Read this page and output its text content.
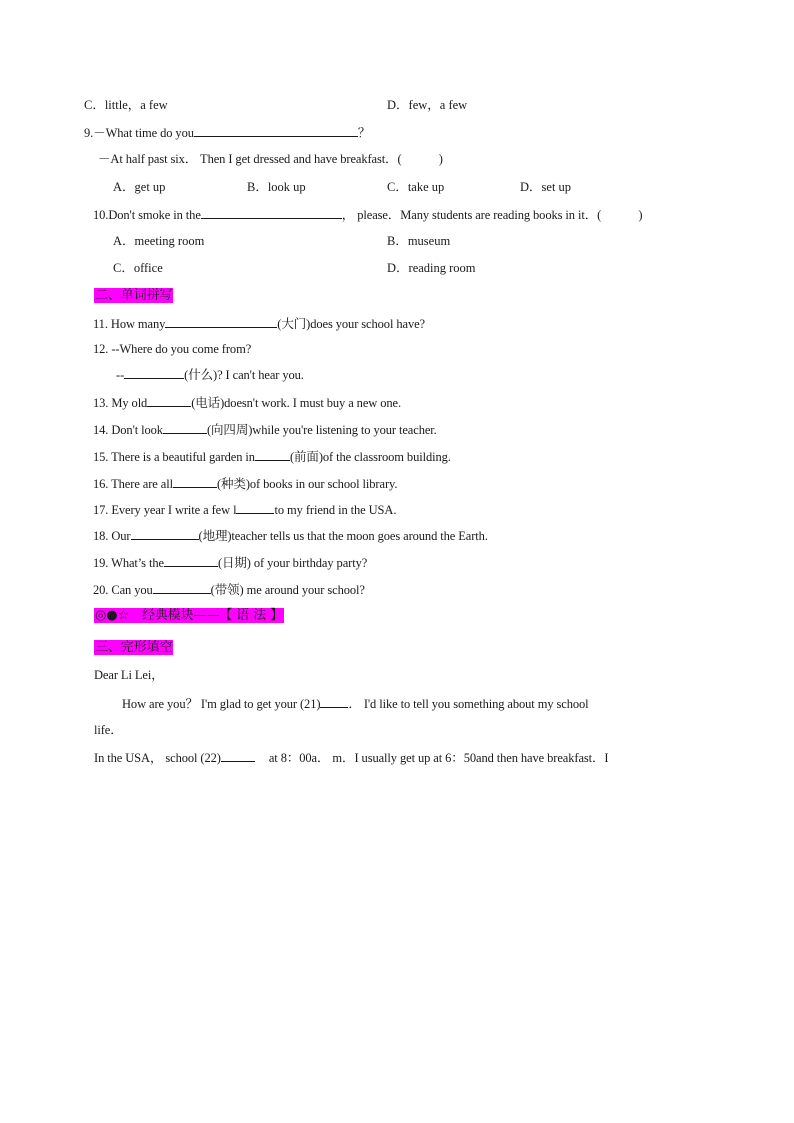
C．little，a few	D．few，a few
9.－What time do you	？
－At half past six． Then I get dressed and have breakfast．(　　　)
A．get up	B．look up	C．take up	D．set up
10.Don't smoke in the	， please．Many students are reading books in it．(　　　)
A．meeting room	B．museum
C．office	D．reading room
二、单词拼写
11. How many	(大门)does your school have?
12. --Where do you come from?
--	(什么)? I can't hear you.
13. My old	(电话)doesn't work. I must buy a new one.
14. Don't look	(向四周)while you're listening to your teacher.
15. There is a beautiful garden in	(前面)of the classroom building.
16. There are all	(种类)of books in our school library.
17. Every year I write a few l	to my friend in the USA.
18. Our	(地理)teacher tells us that the moon goes around the Earth.
19. What’s the	(日期) of your birthday party?
20. Can you	(带领) me around your school?
◎●☆　经典模块——【 语 法 】
三、完形填空
Dear Li Lei，
How are you？ I'm glad to get your (21) ． I'd like to tell you something about my school
life．
In the USA， school (22)	at 8：00a． m．I usually get up at 6：50and then have breakfast．I
